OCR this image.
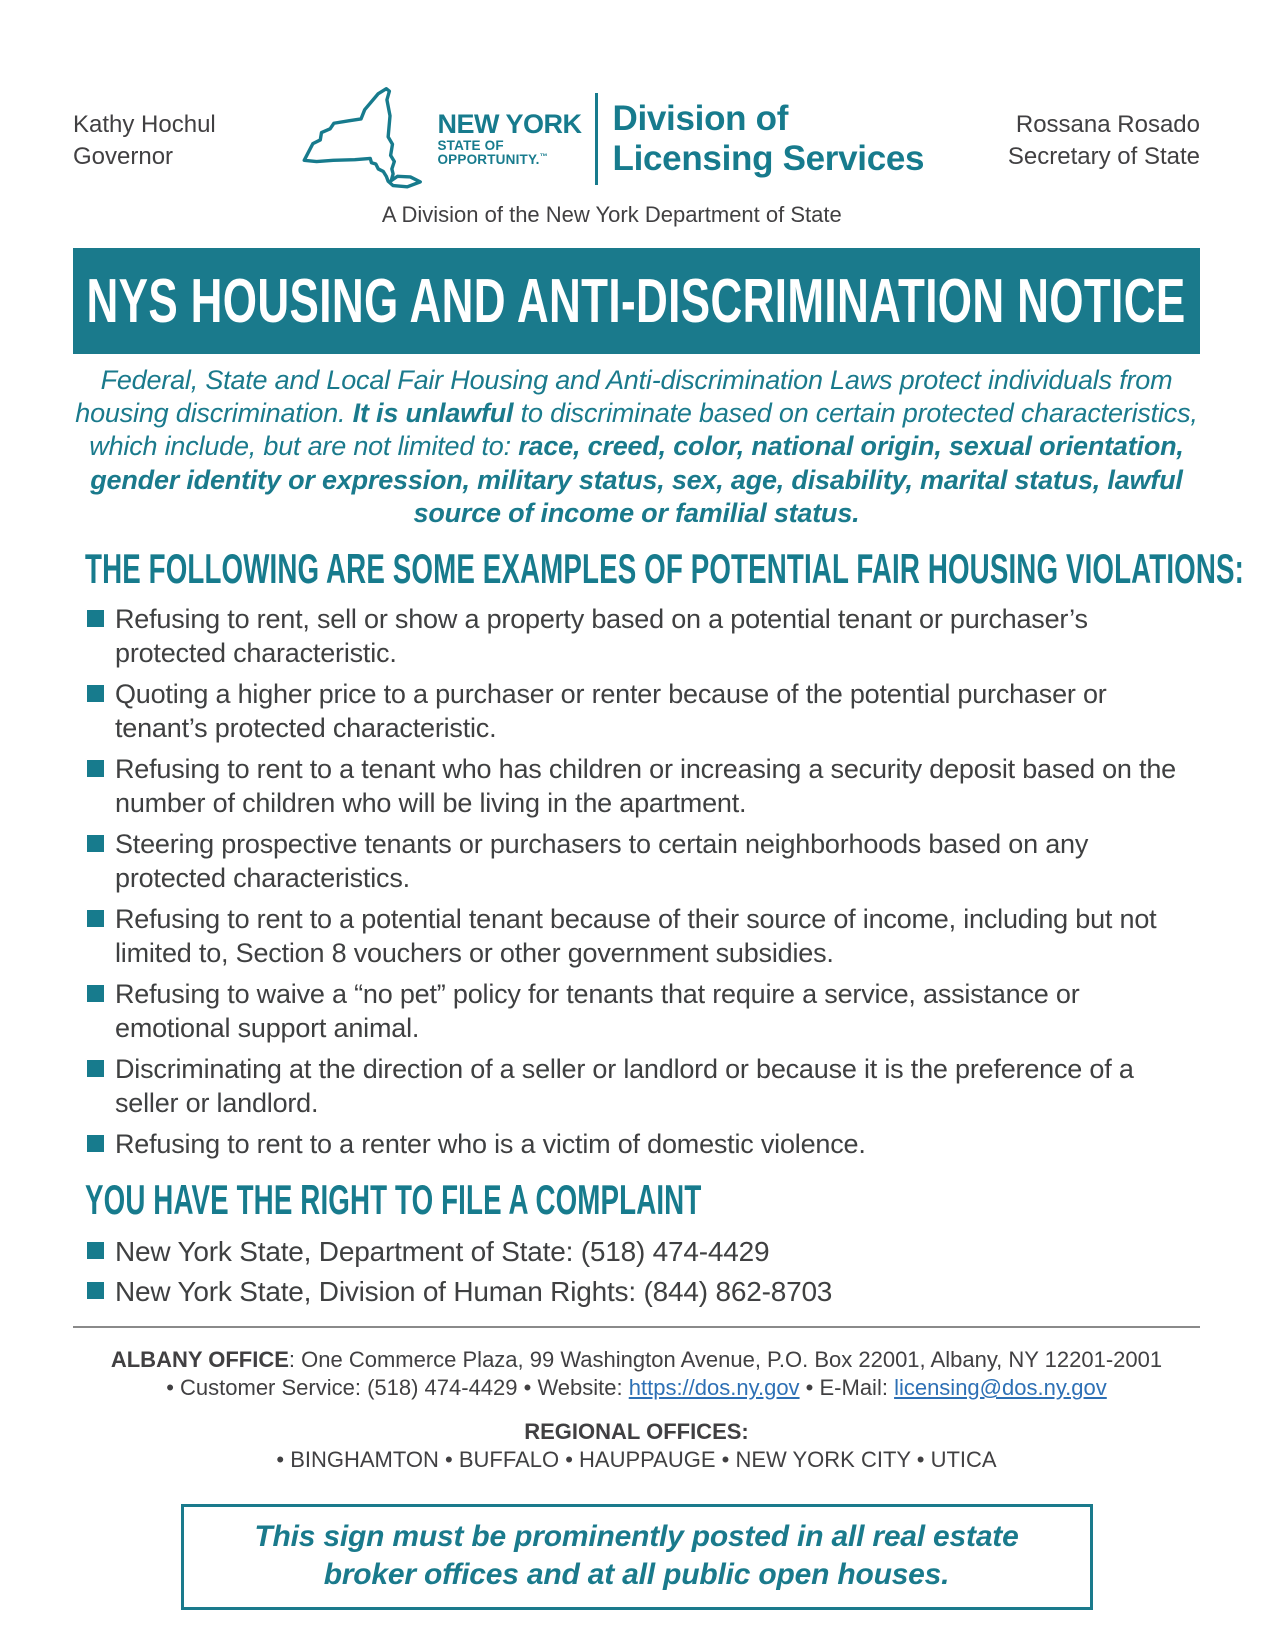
Kathy Hochul
Governor
NEW YORK
STATE OF
OPPORTUNITY.™
Division of
Licensing Services
A Division of the New York Department of State
Rossana Rosado
Secretary of State
NYS HOUSING AND ANTI-DISCRIMINATION NOTICE

Federal, State and Local Fair Housing and Anti-discrimination Laws protect individuals from housing discrimination. It is unlawful to discriminate based on certain protected characteristics, which include, but are not limited to: race, creed, color, national origin, sexual orientation, gender identity or expression, military status, sex, age, disability, marital status, lawful source of income or familial status.

THE FOLLOWING ARE SOME EXAMPLES OF POTENTIAL FAIR HOUSING VIOLATIONS:
Refusing to rent, sell or show a property based on a potential tenant or purchaser’s protected characteristic.
Quoting a higher price to a purchaser or renter because of the potential purchaser or tenant’s protected characteristic.
Refusing to rent to a tenant who has children or increasing a security deposit based on the number of children who will be living in the apartment.
Steering prospective tenants or purchasers to certain neighborhoods based on any protected characteristics.
Refusing to rent to a potential tenant because of their source of income, including but not limited to, Section 8 vouchers or other government subsidies.
Refusing to waive a “no pet” policy for tenants that require a service, assistance or emotional support animal.
Discriminating at the direction of a seller or landlord or because it is the preference of a seller or landlord.
Refusing to rent to a renter who is a victim of domestic violence.
YOU HAVE THE RIGHT TO FILE A COMPLAINT
New York State, Department of State: (518) 474-4429
New York State, Division of Human Rights: (844) 862-8703
ALBANY OFFICE: One Commerce Plaza, 99 Washington Avenue, P.O. Box 22001, Albany, NY 12201-2001
• Customer Service: (518) 474-4429 • Website: https://dos.ny.gov • E-Mail: licensing@dos.ny.gov
REGIONAL OFFICES:
• BINGHAMTON • BUFFALO • HAUPPAUGE • NEW YORK CITY • UTICA
This sign must be prominently posted in all real estate broker offices and at all public open houses.
